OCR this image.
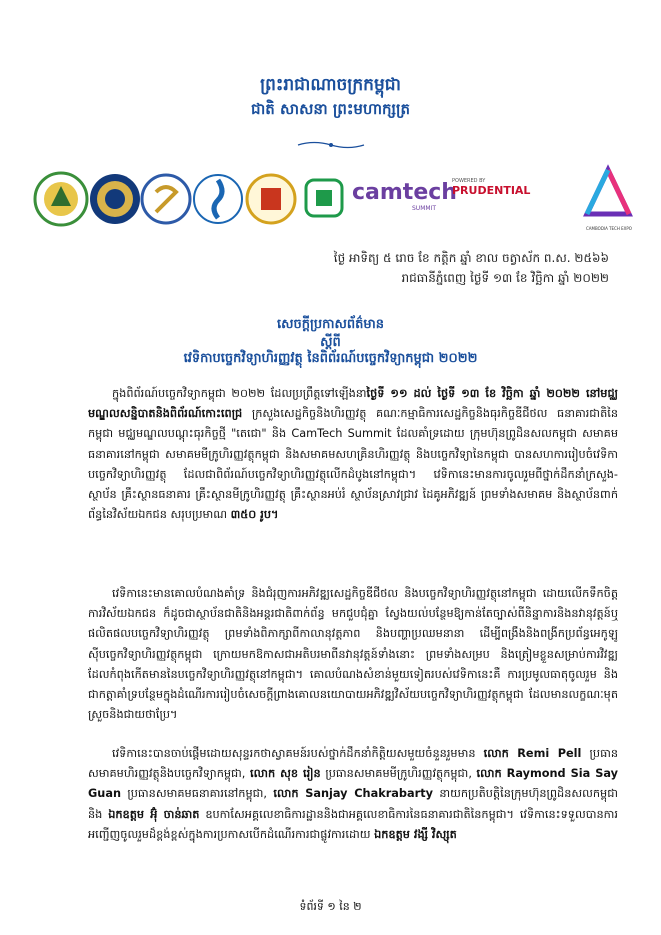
ព្រះរាជាណាចក្រកម្ពុជា
ជាតិ សាសនា ព្រះមហាក្សត្រ
camtech
SUMMIT
POWERED BY
PRUDENTIAL
CAMBODIA TECH EXPO
ថ្ងៃ អាទិត្យ ៥ រោច ខែ កត្តិក ឆ្នាំ ខាល ចត្វាស័ក ព.ស. ២៥៦៦
រាជធានីភ្នំពេញ ថ្ងៃទី ១៣ ខែ វិច្ឆិកា ឆ្នាំ ២០២២
សេចក្តីប្រកាសព័ត៌មាន
ស្តីពី
វេទិកាបច្ចេកវិទ្យាហិរញ្ញវត្ថុ នៃពិព័រណ៍បច្ចេកវិទ្យាកម្ពុជា ២០២២
ក្នុងពិព័រណ៍បច្ចេកវិទ្យាកម្ពុជា ២០២២ ដែលប្រព្រឹត្តទៅឡើងនាថ្ងៃទី ១១ ដល់ ថ្ងៃទី ១៣ ខែ វិច្ឆិកា ឆ្នាំ ២០២២ នៅមជ្ឈមណ្ឌលសន្និបាតនិងពិព័រណ៍កោះពេជ្រ ក្រសួងសេដ្ឋកិច្ចនិងហិរញ្ញវត្ថុ គណៈកម្មាធិការសេដ្ឋកិច្ចនិងធុរកិច្ចឌីជីថល ធនាគារជាតិនៃកម្ពុជា មជ្ឈមណ្ឌលបណ្តុះធុរកិច្ចថ្មី "តេជោ" និង CamTech Summit ដែលគាំទ្រដោយ ក្រុមហ៊ុនព្រូដិនសលកម្ពុជា សមាគមធនាគារនៅកម្ពុជា សមាគមមីក្រូហិរញ្ញវត្ថុកម្ពុជា និងសមាគមសហគ្រិនហិរញ្ញវត្ថុ និងបច្ចេកវិទ្យានៃកម្ពុជា បានសហការរៀបចំវេទិកាបច្ចេកវិទ្យាហិរញ្ញវត្ថុ ដែលជាពិព័រណ៍បច្ចេកវិទ្យាហិរញ្ញវត្ថុលើកដំបូងនៅកម្ពុជា។ វេទិកានេះមានការចូលរួមពីថ្នាក់ដឹកនាំក្រសួង-ស្ថាប័ន គ្រឹះស្ថានធនាគារ គ្រឹះស្ថានមីក្រូហិរញ្ញវត្ថុ គ្រឹះស្ថានអប់រំ ស្ថាប័នស្រាវជ្រាវ ដៃគូអភិវឌ្ឍន៍ ព្រមទាំងសមាគម និងស្ថាប័នពាក់ព័ន្ធនៃវិស័យឯកជន សរុបប្រមាណ ៣៥០ រូប។
វេទិកានេះមានគោលបំណងគាំទ្រ និងជំរុញការអភិវឌ្ឍសេដ្ឋកិច្ចឌីជីថល និងបច្ចេកវិទ្យាហិរញ្ញវត្ថុនៅកម្ពុជា ដោយលើកទឹកចិត្តការវិស័យឯកជន ក៏ដូចជាស្ថាប័នជាតិនិងអន្តរជាតិពាក់ព័ន្ធ មកជួបជុំគ្នា ស្វែងយល់បន្ថែមឱ្យកាន់តែច្បាស់ពីនិន្នាការនិងនវានុវត្តន៍ឬផលិតផលបច្ចេកវិទ្យាហិរញ្ញវត្ថុ ព្រមទាំងពិភាក្សាពីកាលានុវត្តភាព និងបញ្ហាប្រឈមនានា ដើម្បីពង្រឹងនិងពង្រីកប្រព័ន្ធអេកូឡូស៊ីបច្ចេកវិទ្យាហិរញ្ញវត្ថុកម្ពុជា ក្រោយមកឱកាសជាអតិបរមាពីនវានុវត្តន៍ទាំងនោះ ព្រមទាំងសម្រប និងត្រៀមខ្លួនសម្រាប់ការវិវឌ្ឍដែលកំពុងកើតមាននៃបច្ចេកវិទ្យាហិរញ្ញវត្ថុនៅកម្ពុជា។ គោលបំណងសំខាន់មួយទៀតរបស់វេទិកានេះគឺ ការប្រមូលធាតុចូលរួម និងជាកត្តាគាំទ្របន្ថែមក្នុងដំណើរការរៀបចំសេចក្តីព្រាងគោលនយោបាយអភិវឌ្ឍវិស័យបច្ចេកវិទ្យាហិរញ្ញវត្ថុកម្ពុជា ដែលមានលក្ខណៈមុតស្រួចនិងជាយថាប្រែ។
វេទិកានេះបានចាប់ផ្តើមដោយសុន្ទរកថាស្វាគមន៍របស់ថ្នាក់ដឹកនាំកិត្តិយសមួយចំនួនរួមមាន លោក Remi Pell ប្រធានសមាគមហិរញ្ញវត្ថុនិងបច្ចេកវិទ្យាកម្ពុជា, លោក សុខ រៀន ប្រធានសមាគមមីក្រូហិរញ្ញវត្ថុកម្ពុជា, លោក Raymond Sia Say Guan ប្រធានសមាគមធនាគារនៅកម្ពុជា, លោក Sanjay Chakrabarty នាយកប្រតិបត្តិនៃក្រុមហ៊ុនព្រូដិនសលកម្ពុជា និង ឯកឧត្តម អ៊ុំ ចាន់ឆាត ឧបកាសែអគ្គលេខាធិការដ្ឋាននិងជាអគ្គលេខាធិការនៃធនាគារជាតិនៃកម្ពុជា។ វេទិកានេះទទួលបានការអញ្ជើញចូលរួមដ៏ខ្ពង់ខ្ពស់ក្នុងការប្រកាសបើកដំណើរការជាផ្លូវការដោយ ឯកឧត្តម វង្សី វិស្សុត
ទំព័រទី ១ នៃ ២
